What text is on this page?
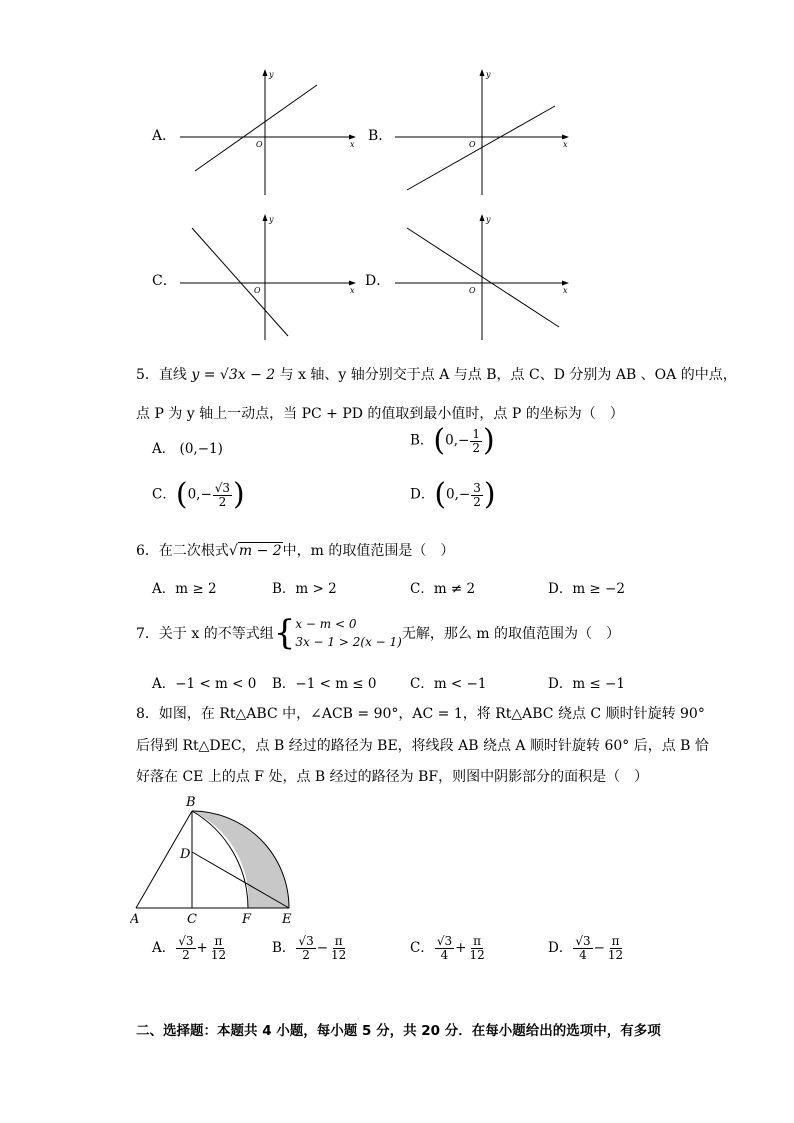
A．	B．
C．	D．
O	x
y
O	x
y
O	x
y
O	x
y
5．直线 y = √3x − 2 与 x 轴、y 轴分别交于点 A 与点 B，点 C、D 分别为 AB 、OA 的中点，
点 P 为 y 轴上一动点，当 PC + PD 的值取到最小值时，点 P 的坐标为（　）
A． (0,−1)
B．($0,- \frac{1}{2}$ )
C．($0,- \frac{√3}{2}$ )	D．($0,- \frac{3}{2}$ )
6．在二次根式√m − 2中，m 的取值范围是（　）
A．m ≥ 2	B．m > 2	C．m ≠ 2	D．m ≥ −2
7．关于 x 的不等式组{ x − m < 0
3x − 1 > 2(x − 1) 无解，那么 m 的取值范围为（　）
A．−1 < m < 0 B．−1 < m ≤ 0 C．m < −1	D．m ≤ −1
8．如图，在 Rt△ABC 中，∠ACB = 90°，AC = 1，将 Rt△ABC 绕点 C 顺时针旋转 90°
后得到 Rt△DEC，点 B 经过的路径为 BE，将线段 AB 绕点 A 顺时针旋转 60° 后，点 B 恰
好落在 CE 上的点 F 处，点 B 经过的路径为 BF，则图中阴影部分的面积是（　）
B
D
A	C	F E
A． $\frac{√3}{2} + \frac{\pi}{12}$	B． $\frac{√3}{2} - \frac{\pi}{12}$	C． $\frac{√3}{4} + \frac{\pi}{12}$	D． $\frac{√3}{4} - \frac{\pi}{12}$
二、选择题：本题共 4 小题，每小题 5 分，共 20 分．在每小题给出的选项中，有多项
